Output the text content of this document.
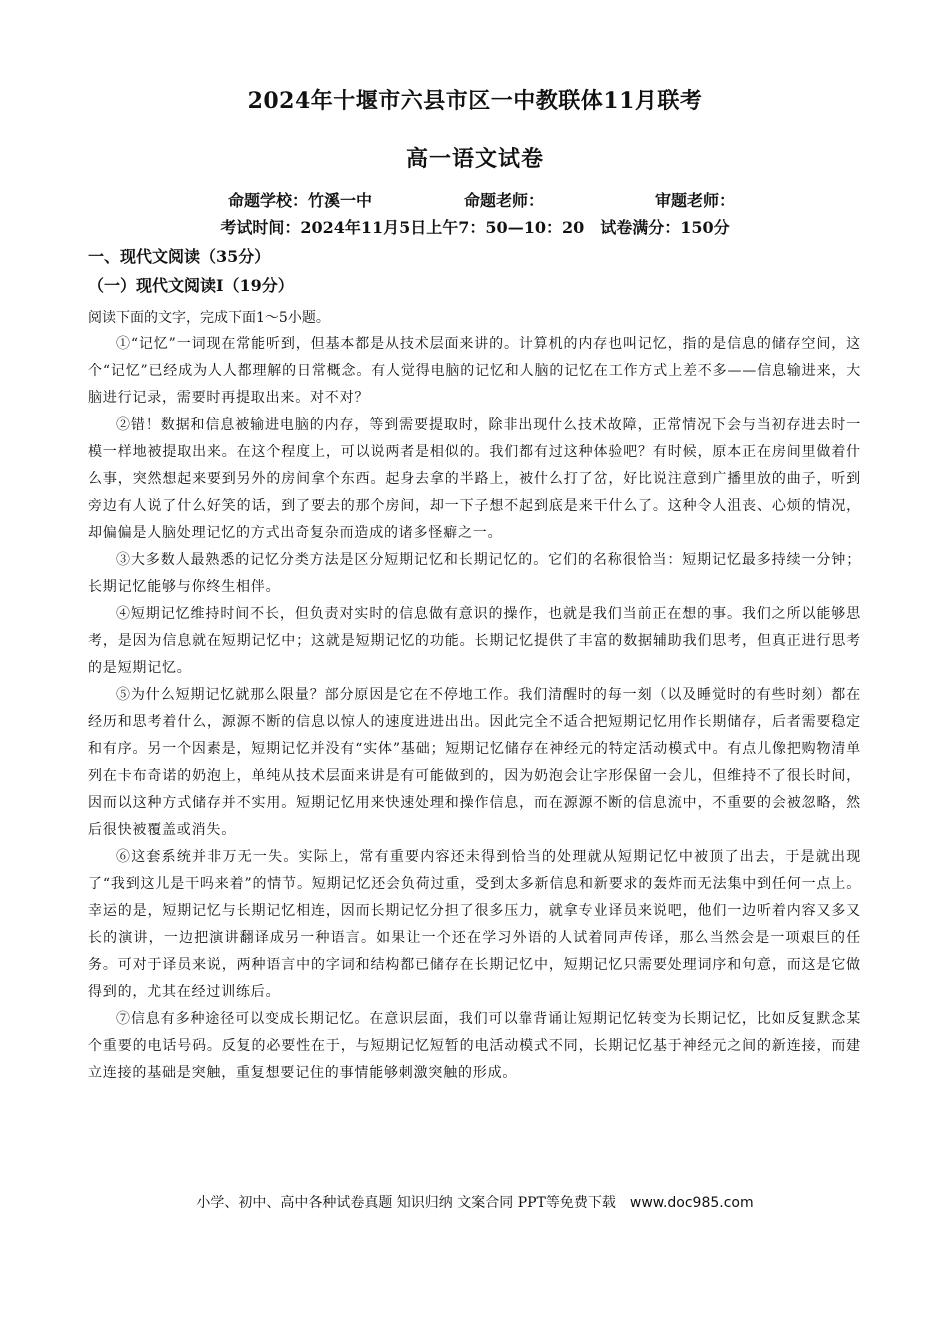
2024年十堰市六县市区一中教联体11月联考
高一语文试卷
命题学校：竹溪一中	命题老师：	审题老师：
考试时间：2024年11月5日上午7：50—10：20　试卷满分：150分
一、现代文阅读（35分）
（一）现代文阅读Ⅰ（19分）
阅读下面的文字，完成下面1～5小题。

①“记忆”一词现在常能听到，但基本都是从技术层面来讲的。计算机的内存也叫记忆，指的是信息的储存空间，这个“记忆”已经成为人人都理解的日常概念。有人觉得电脑的记忆和人脑的记忆在工作方式上差不多——信息输进来，大脑进行记录，需要时再提取出来。对不对？

②错！数据和信息被输进电脑的内存，等到需要提取时，除非出现什么技术故障，正常情况下会与当初存进去时一模一样地被提取出来。在这个程度上，可以说两者是相似的。我们都有过这种体验吧？有时候，原本正在房间里做着什么事，突然想起来要到另外的房间拿个东西。起身去拿的半路上，被什么打了岔，好比说注意到广播里放的曲子，听到旁边有人说了什么好笑的话，到了要去的那个房间，却一下子想不起到底是来干什么了。这种令人沮丧、心烦的情况，却偏偏是人脑处理记忆的方式出奇复杂而造成的诸多怪癖之一。

③大多数人最熟悉的记忆分类方法是区分短期记忆和长期记忆的。它们的名称很恰当：短期记忆最多持续一分钟；长期记忆能够与你终生相伴。

④短期记忆维持时间不长，但负责对实时的信息做有意识的操作，也就是我们当前正在想的事。我们之所以能够思考，是因为信息就在短期记忆中；这就是短期记忆的功能。长期记忆提供了丰富的数据辅助我们思考，但真正进行思考的是短期记忆。

⑤为什么短期记忆就那么限量？部分原因是它在不停地工作。我们清醒时的每一刻（以及睡觉时的有些时刻）都在经历和思考着什么，源源不断的信息以惊人的速度进进出出。因此完全不适合把短期记忆用作长期储存，后者需要稳定和有序。另一个因素是，短期记忆并没有“实体”基础；短期记忆储存在神经元的特定活动模式中。有点儿像把购物清单列在卡布奇诺的奶泡上，单纯从技术层面来讲是有可能做到的，因为奶泡会让字形保留一会儿，但维持不了很长时间，因而以这种方式储存并不实用。短期记忆用来快速处理和操作信息，而在源源不断的信息流中，不重要的会被忽略，然后很快被覆盖或消失。

⑥这套系统并非万无一失。实际上，常有重要内容还未得到恰当的处理就从短期记忆中被顶了出去，于是就出现了“我到这儿是干吗来着”的情节。短期记忆还会负荷过重，受到太多新信息和新要求的轰炸而无法集中到任何一点上。幸运的是，短期记忆与长期记忆相连，因而长期记忆分担了很多压力，就拿专业译员来说吧，他们一边听着内容又多又长的演讲，一边把演讲翻译成另一种语言。如果让一个还在学习外语的人试着同声传译，那么当然会是一项艰巨的任务。可对于译员来说，两种语言中的字词和结构都已储存在长期记忆中，短期记忆只需要处理词序和句意，而这是它做得到的，尤其在经过训练后。

⑦信息有多种途径可以变成长期记忆。在意识层面，我们可以靠背诵让短期记忆转变为长期记忆，比如反复默念某个重要的电话号码。反复的必要性在于，与短期记忆短暂的电活动模式不同，长期记忆基于神经元之间的新连接，而建立连接的基础是突触，重复想要记住的事情能够刺激突触的形成。

小学、初中、高中各种试卷真题 知识归纳 文案合同 PPT等免费下载 www.doc985.com
